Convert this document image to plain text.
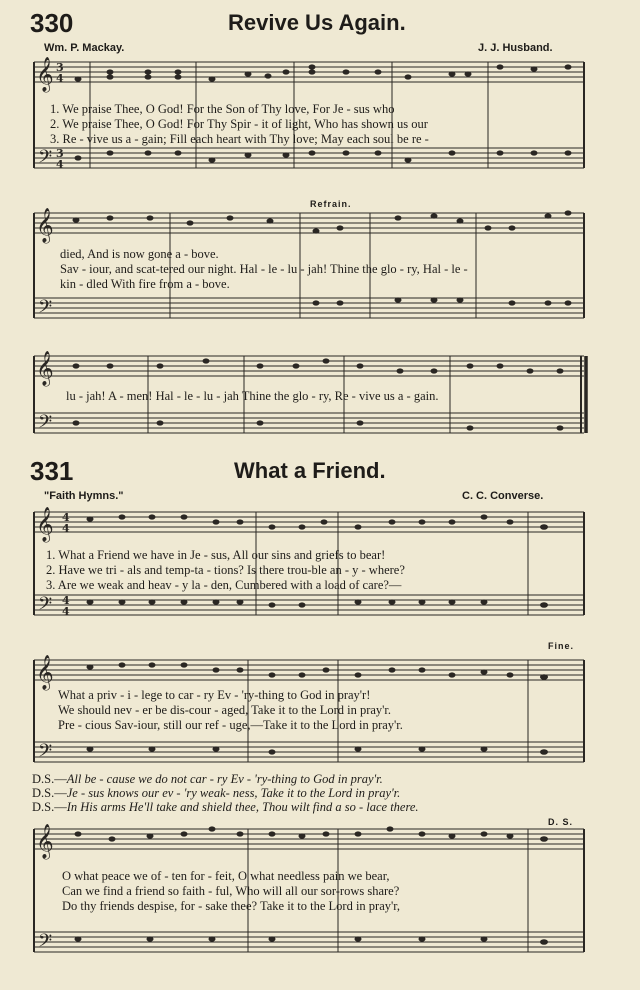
330	Revive Us Again.
Wm. P. Mackay.	J. J. Husband.
𝄞
𝄢
𝄞
𝄢
𝄞
𝄢
𝄞
𝄢
𝄞
𝄢
𝄞
𝄢
3
4
3
4
4
4
4
4
1. We praise Thee, O God! For the Son of Thy love, For Je - sus who
2. We praise Thee, O God! For Thy Spir - it of light, Who has shown us our
3. Re - vive us a - gain; Fill each heart with Thy love; May each soul be re -
Refrain.
died, And is now gone a - bove.
Sav - iour, and scat-tered our night. Hal - le - lu - jah! Thine the glo - ry, Hal - le -
kin - dled With fire from a - bove.
lu - jah! A - men! Hal - le - lu - jah Thine the glo - ry, Re - vive us a - gain.
331	What a Friend.
"Faith Hymns."	C. C. Converse.
1. What a Friend we have in Je - sus, All our sins and griefs to bear!
2. Have we tri - als and temp-ta - tions? Is there trou-ble an - y - where?
3. Are we weak and heav - y la - den, Cumbered with a load of care?—
Fine.
What a priv - i - lege to car - ry Ev - 'ry-thing to God in pray'r!
We should nev - er be dis-cour - aged, Take it to the Lord in pray'r.
Pre - cious Sav-iour, still our ref - uge,—Take it to the Lord in pray'r.
D.S.—All be - cause we do not car - ry Ev - 'ry-thing to God in pray'r.
D.S.—Je - sus knows our ev - 'ry weak- ness, Take it to the Lord in pray'r.
D.S.—In His arms He'll take and shield thee, Thou wilt find a so - lace there.
D. S.
O what peace we of - ten for - feit, O what needless pain we bear,
Can we find a friend so faith - ful, Who will all our sor-rows share?
Do thy friends despise, for - sake thee? Take it to the Lord in pray'r,
